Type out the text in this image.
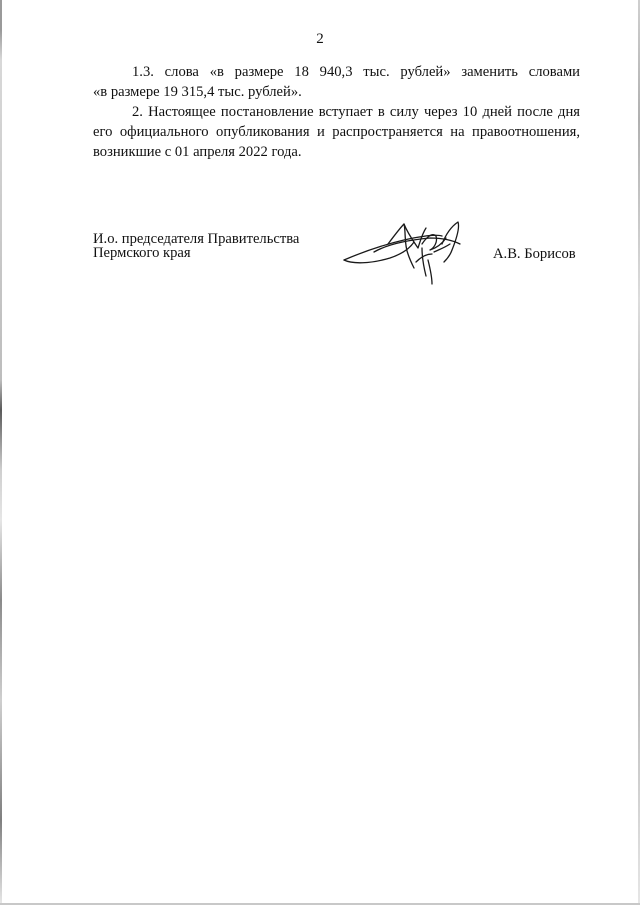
2
1.3. слова «в размере 18 940,3 тыс. рублей» заменить словами
«в размере 19 315,4 тыс. рублей».
2. Настоящее постановление вступает в силу через 10 дней после дня
его официального опубликования и распространяется на правоотношения,
возникшие с 01 апреля 2022 года.
И.о. председателя Правительства
Пермского края	А.В. Борисов
